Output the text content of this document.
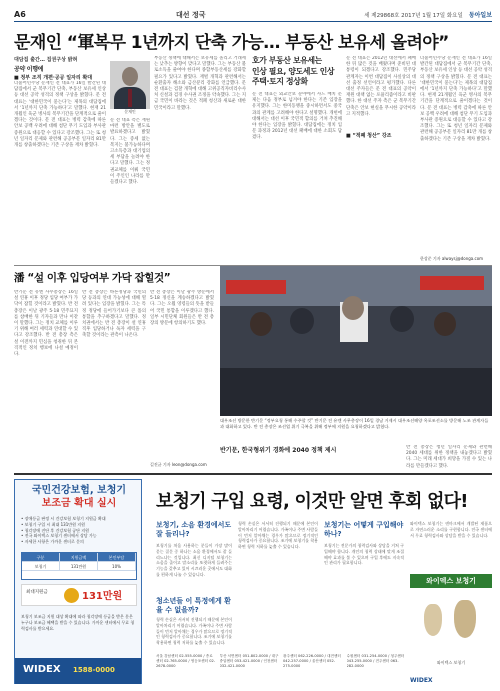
A6	대선 정국	세 제29868호 2017년 1월 17일 화요일 동아일보
문재인 “軍복무 1년까지 단축 가능… 부동산 보유세 올려야”
대담집 출간… 집권구상 밝혀
공약 이행에
■ 정부 조직 개편·공공 일자리 확대
더불어민주당 문재인 전 대표가 16일 발간된 대담집에서 군 복무기간 단축, 부동산 보유세 인상 등 대선 공약 성격의 정책 구상을 밝혔다. 문 전 대표는 ‘대한민국이 묻는다’는 제목의 대담집에서 ‘1년까지 단축 가능하다’고 말했다. 현재 21개월인 육군 병사의 복무기간을 단계적으로 줄이겠다는 것이다. 문 전 대표는 병력 감축에 따른 안보 공백 우려에 대해 첨단 무기 도입과 부사관 증원으로 대응할 수 있다고 강조했다. 그는 또 청년 일자리 문제와 관련해 공공부문 일자리 81만 개를 창출하겠다는 기존 구상을 재차 밝혔다.
문재인
문 전 대표 측은 재원 마련 방안을 별도로 발표하겠다고 밝혔다. 그는 증세 없는 복지는 불가능하다며 고소득층과 대기업의 세 부담을 늘려야 한다고 말했다. 그는 정권교체를 이뤄 국민이 주인인 나라를 만들겠다고 했다.
부동산 정책에 대해서는 보유세를 올리고 거래세는 낮추는 방향이 맞다고 말했다. 그는 부동산 불로소득을 줄여야 한다며 종합부동산세를 강화할 필요가 있다고 밝혔다. 재벌 개혁과 관련해서는 순환출자 해소와 금산분리 강화를 언급했다. 문 전 대표는 검찰 개혁에 대해 고위공직자비리수사처 신설과 검경 수사권 조정을 약속했다. 그는 지금 국민이 바라는 것은 적폐 청산과 새로운 대한민국이라고 말했다.
호가 부동산 보유세는
인상 필요, 양도세도 인상
주택·토지 정상화
문 전 대표는 외교안보 분야에서 사드 배치 문제는 다음 정부로 넘겨야 한다는 기존 입장을 유지했다. 그는 한미동맹을 중시하면서도 중국과의 관계를 고려해야 한다고 설명했다. 개헌에 대해서는 대선 이후 국민적 합의를 거쳐 추진해야 한다는 입장을 밝혔다. 대담집에는 정치 입문 과정과 2012년 대선 패배에 대한 소회도 담겼다.
문 전 대표는 2012년 대선에서 패배한 뒤 많은 것을 배웠다며 준비된 대통령이 되겠다고 강조했다. 민주당 관계자는 이번 대담집이 사실상의 대선 출정 선언이라고 평가했다. 다른 대선 주자들은 문 전 대표의 공약이 재원 대책 없는 포퓰리즘이라고 비판했다. 한 대선 주자 측은 군 복무기간 단축은 안보 현실을 무시한 공약이라고 지적했다.
■ “적폐 청산” 강조
더불어민주당 문재인 전 대표가 16일 발간된 대담집에서 군 복무기간 단축, 부동산 보유세 인상 등 대선 공약 성격의 정책 구상을 밝혔다. 문 전 대표는 ‘대한민국이 묻는다’는 제목의 대담집에서 ‘1년까지 단축 가능하다’고 말했다. 현재 21개월인 육군 병사의 복무기간을 단계적으로 줄이겠다는 것이다. 문 전 대표는 병력 감축에 따른 안보 공백 우려에 대해 첨단 무기 도입과 부사관 증원으로 대응할 수 있다고 강조했다. 그는 또 청년 일자리 문제와 관련해 공공부문 일자리 81만 개를 창출하겠다는 기존 구상을 재차 밝혔다.
한상준 기자 alwaysj@donga.com
潘 “설 이후 입당여부 가닥 잡힐것”
반기문 전 유엔 사무총장은 16일 설 연휴 이후 정당 입당 여부가 가닥이 잡힐 것이라고 밝혔다. 반 전 총장은 이날 광주 5·18 민주묘지를 참배한 뒤 기자들과 만나 이같이 말했다. 그는 정치 교체를 이루기 위해 여러 세력과 연대할 수 있다고 강조했다. 반 전 총장 측은 설 이전까지 민심을 청취한 뒤 본격적인 정치 행보에 나설 예정이다.
반 전 총장은 바른정당과 국민의당 등과의 연대 가능성에 대해 열려 있다는 입장을 밝혔다. 그는 특정 정당에 들어가기보다 큰 틀의 통합을 추구하겠다고 말했다. 정치권에서는 반 전 총장이 설 연휴 직후 입당하거나 독자 세력을 구축할 것이라는 관측이 나온다.
반 전 총장은 이날 광주 방문에서 5·18 정신을 계승하겠다고 밝혔다. 그는 오월 영령들의 뜻을 받들어 국민 통합을 이루겠다고 했다. 일부 시민단체 회원들은 반 전 총장의 방문에 항의하기도 했다.
길진균 기자 leon@donga.com
대우조선 방문한 반기문 “정부요청 통해 수주할 것” 반기문 전 유엔 사무총장이 16일 경남 거제시 대우조선해양 옥포조선소를 방문해 노조 관계자들과 대화하고 있다. 반 전 총장은 조선업 위기 극복을 위해 정부에 지원을 요청하겠다고 밝혔다.
반기문, 한국형위기 경화에 2040 정책 제시	반 전 총장은 청년 일자리 문제와 관련해 2040 세대를 위한 정책을 내놓겠다고 밝혔다. 그는 미래 세대가 희망을 가질 수 있는 나라를 만들겠다고 했다.
국민건강보험, 보청기
보조금 확대 실시
• 장애등급 판정 시 건강보험 보청기 지원금 확대
• 보청기 구입 시 최대 131만원 지원
• 청각장애 진단 후 건강보험 공단 지원
• 전국 와이덱스 보청기 센터에서 상담 가능
• 자세한 사항은 가까운 센터로 문의
구분	지원금액	본인부담
보청기	131만원	10%
최대지원금	131만원
보청기 보조금 지원 대상 확대에 따라 청각장애 등급을 받은 분은 누구나 보조금 혜택을 받을 수 있습니다. 가까운 센터에서 무료 청력검사를 받으세요.
WIDEX 1588-0000
보청기 구입 요령, 이것만 알면 후회 없다!
보청기, 소음 환경에서도 잘 들리나?
보청기를 처음 사용하는 분들이 가장 많이 묻는 질문 중 하나는 소음 환경에서도 잘 들리느냐는 것입니다. 최신 디지털 보청기는 소음을 줄이고 말소리를 또렷하게 들려주는 기능을 갖추고 있어 시끄러운 곳에서도 대화를 편하게 나눌 수 있습니다.
청소년들 이 특정에게 환율 수 없을까?
청력 손실은 서서히 진행되기 때문에 본인이 알아차리기 어렵습니다. 가족이나 주변 사람들이 먼저 알아채는 경우가 많으므로 정기적인 청력검사가 중요합니다. 조기에 보청기를 착용하면 청력 저하를 늦출 수 있습니다.
청력 손실은 서서히 진행되기 때문에 본인이 알아차리기 어렵습니다. 가족이나 주변 사람들이 먼저 알아채는 경우가 많으므로 정기적인 청력검사가 중요합니다. 조기에 보청기를 착용하면 청력 저하를 늦출 수 있습니다.
보청기는 어떻게 구입해야 하나?
보청기는 전문가의 청력검사와 상담을 거쳐 구입해야 합니다. 개인의 청력 상태에 맞게 조절해야 효과를 볼 수 있으며 구입 후에도 지속적인 관리가 필요합니다.
와이덱스 보청기는 덴마크에서 개발된 제품으로 자연스러운 소리를 구현합니다. 전국 센터에서 무료 청력검사와 상담을 받을 수 있습니다.
와이덱스 보청기
와이덱스 보청기
서울 강남센터 02-555-0000 / 종로센터 02-765-0000 / 영등포센터 02-2678-0000
부산 서면센터 051-802-0000 / 대구 중앙센터 053-421-0000 / 인천센터 032-421-0000
광주센터 062-226-0000 / 대전센터 042-257-0000 / 울산센터 052-275-0000
수원센터 031-254-0000 / 청주센터 043-255-0000 / 전주센터 063-282-0000
WIDEX
